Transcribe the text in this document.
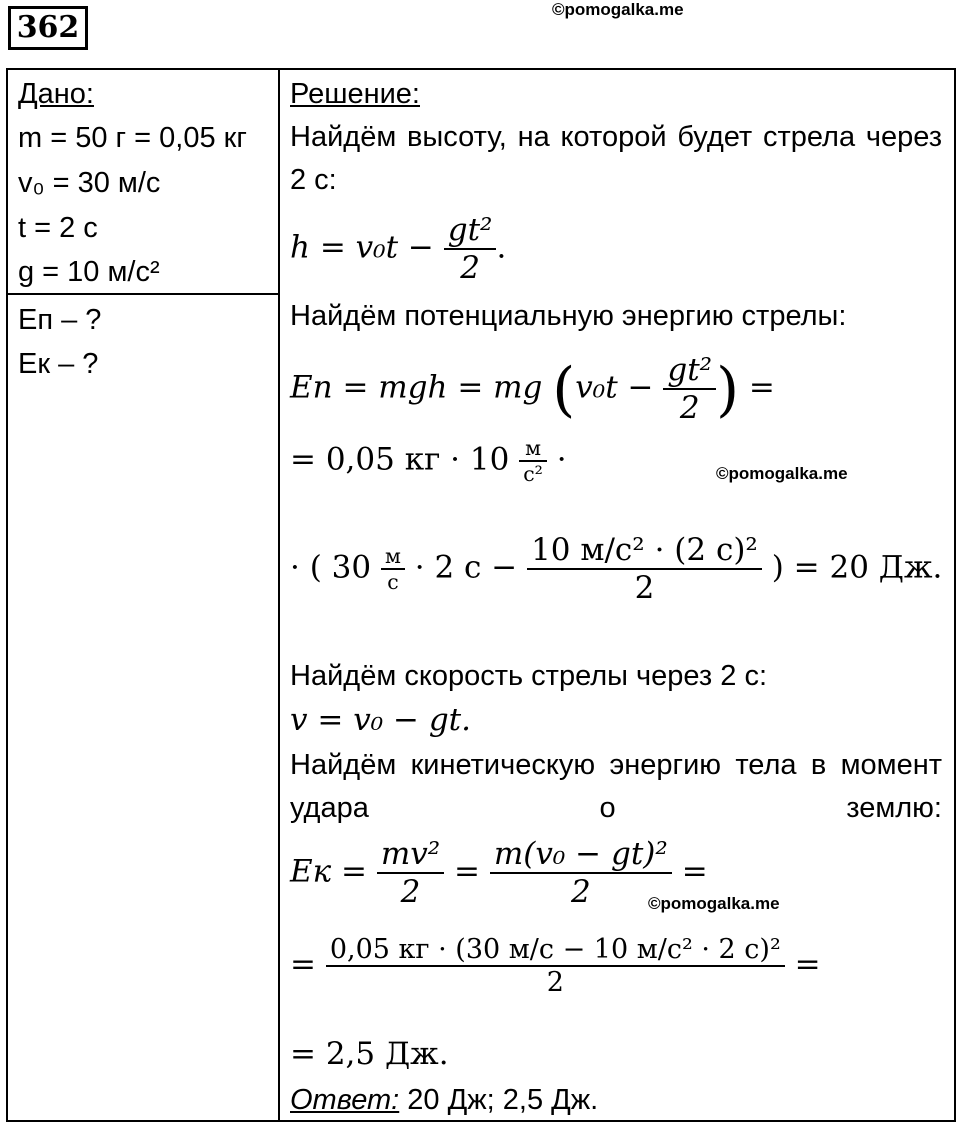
362
©pomogalka.me
©pomogalka.me
©pomogalka.me
Дано:
m = 50 г = 0,05 кг
v₀ = 30 м/с
t = 2 с
g = 10 м/с²
Eп – ?
Eк – ?
Решение:
Найдём высоту, на которой будет стрела через 2 с:
$h = v_0t - \frac{\text{gt²}}{2}$ .
Найдём потенциальную энергию стрелы:
Eп = mgh = mg ($v_0t - \frac{\text{gt²}}{2}$ ) =
= 0,05 кг · $10 \frac{м}{\text{с²}}$ ·
· ( $30 \frac{м}{с} \cdot 2$ $с - \frac{\text{10 м/с² · (2 с)²}}{2}$ ) = 20 Дж.
Найдём скорость стрелы через 2 с:
v = v₀ − gt.
Найдём кинетическую энергию тела в момент удара о землю:
Eк = $\frac{\text{mv²}}{2} = \frac{\text{m(v₀ − gt)²}}{2}$ =
= $\frac{\text{0,05 кг · (30 м/с − 10 м/с² · 2 с)²}}{2}$ =
= 2,5 Дж.
Ответ: 20 Дж; 2,5 Дж.
